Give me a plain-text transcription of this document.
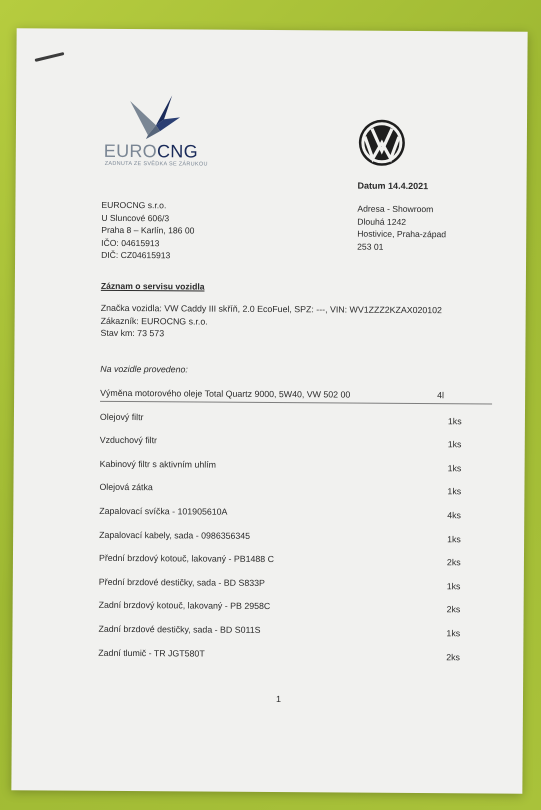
EUROCNG
ZADNUTA ZE SVĚDKA SE ZÁRUKOU
Datum 14.4.2021
EUROCNG s.r.o.
U Sluncové 606/3
Praha 8 – Karlín, 186 00
IČO: 04615913
DIČ: CZ04615913
Adresa - Showroom
Dlouhá 1242
Hostivice, Praha-západ
253 01
Záznam o servisu vozidla
Značka vozidla: VW Caddy III skříň, 2.0 EcoFuel, SPZ: ---, VIN: WV1ZZZ2KZAX020102
Zákazník: EUROCNG s.r.o.
Stav km: 73 573
Na vozidle provedeno:
Výměna motorového oleje Total Quartz 9000, 5W40, VW 502 00	4l
Olejový filtr	1ks
Vzduchový filtr	1ks
Kabinový filtr s aktivním uhlím	1ks
Olejová zátka	1ks
Zapalovací svíčka - 101905610A	4ks
Zapalovací kabely, sada - 0986356345	1ks
Přední brzdový kotouč, lakovaný - PB1488 C	2ks
Přední brzdové destičky, sada - BD S833P	1ks
Zadní brzdový kotouč, lakovaný - PB 2958C	2ks
Zadní brzdové destičky, sada - BD S011S	1ks
Zadní tlumič - TR JGT580T	2ks
1
